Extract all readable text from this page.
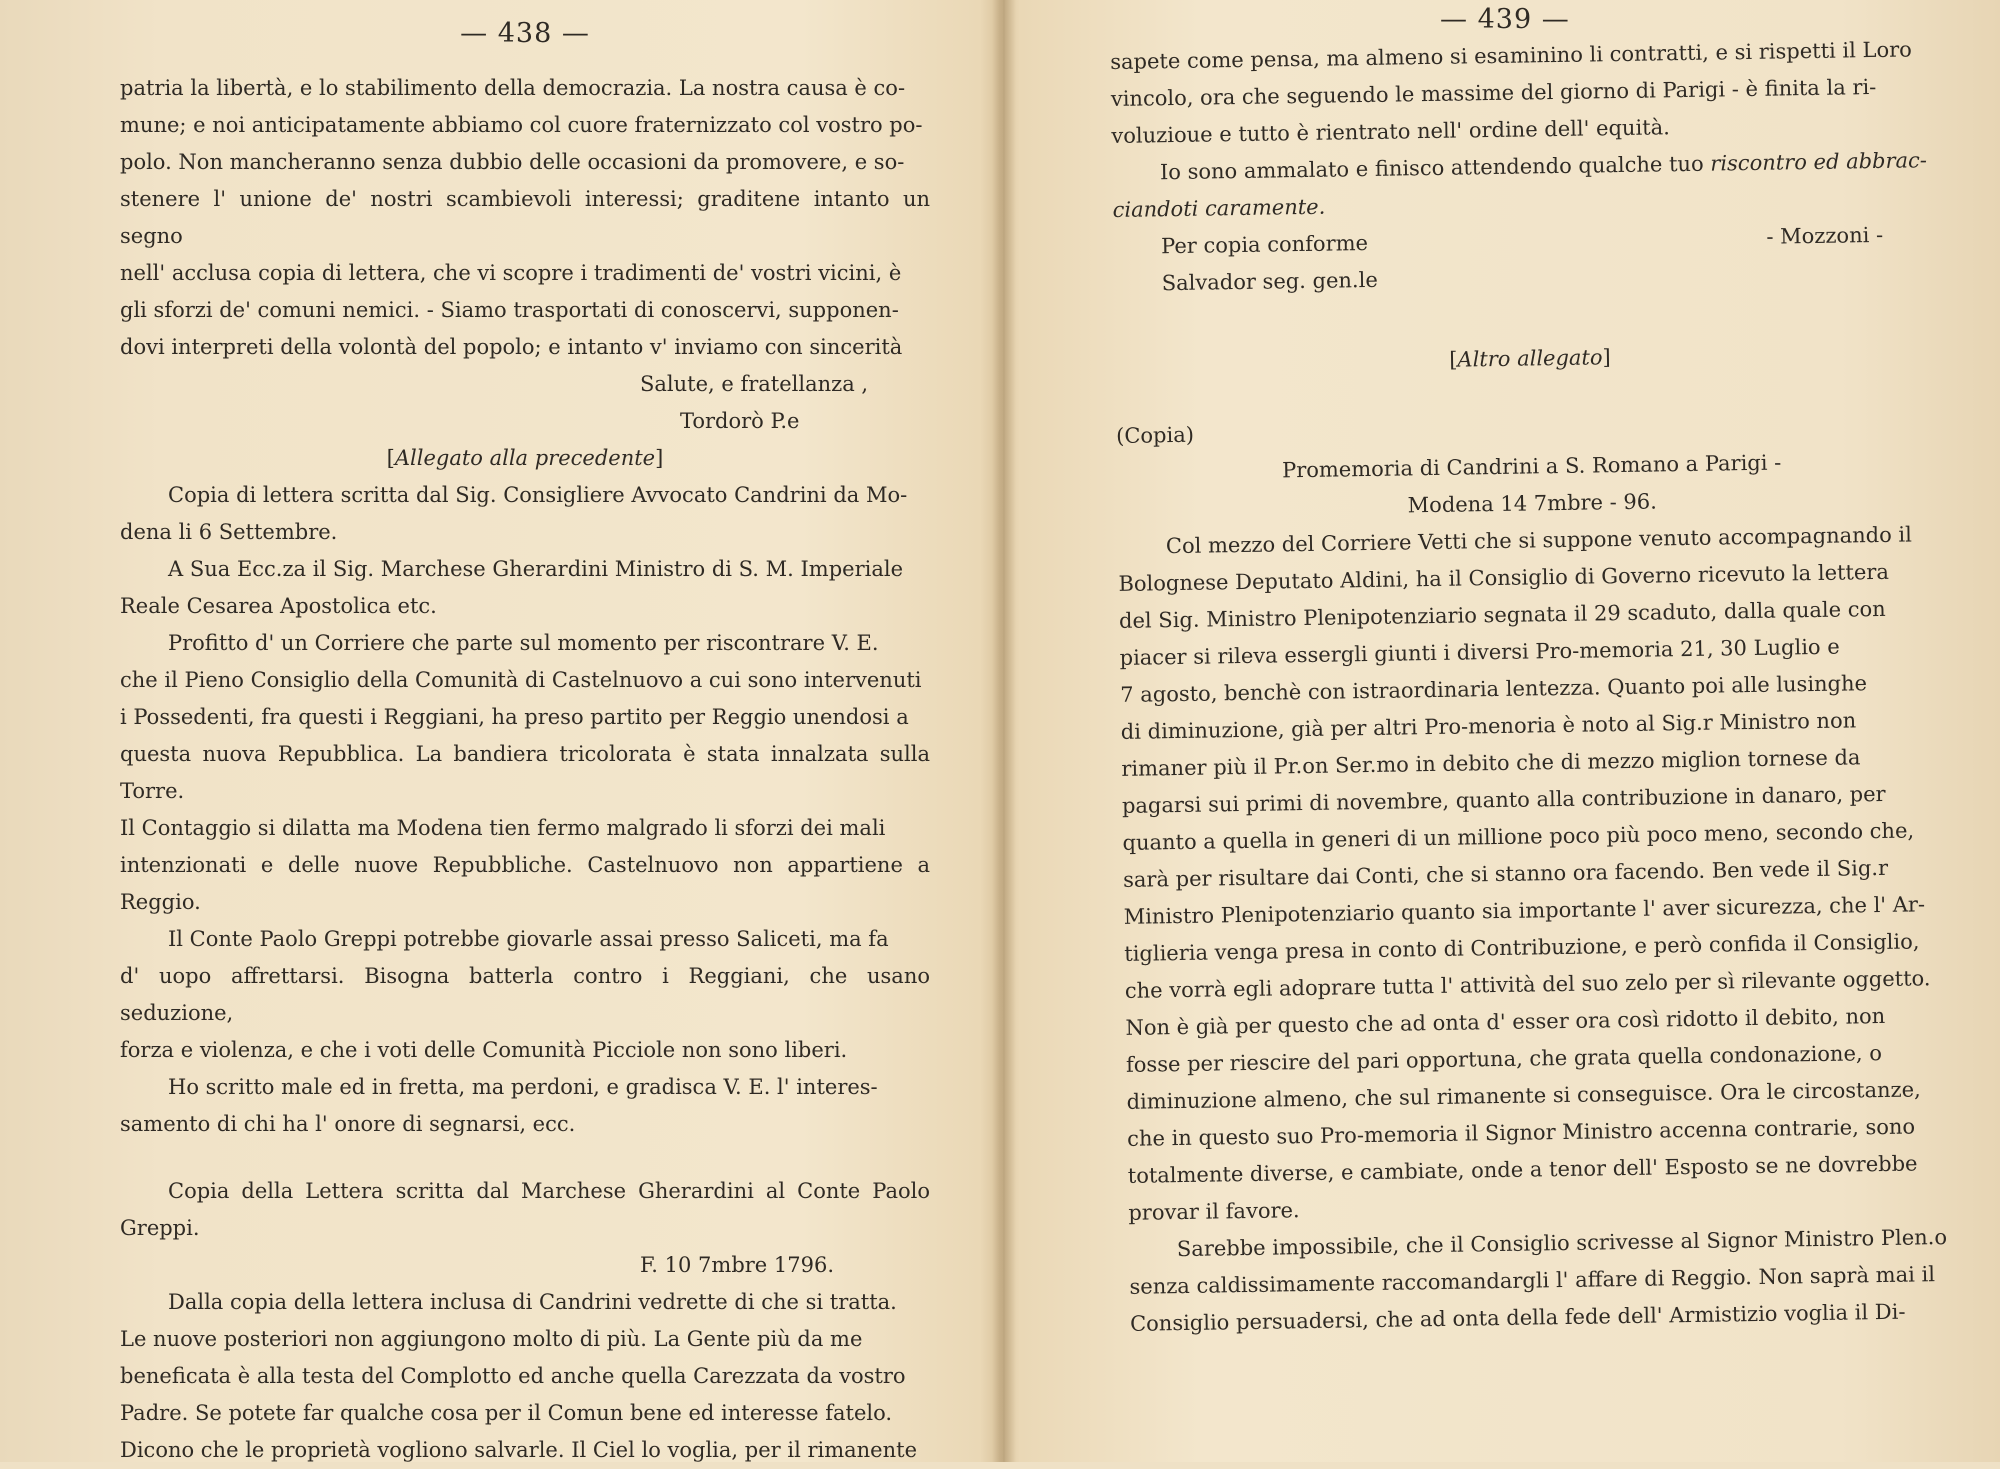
— 438 —

patria la libertà, e lo stabilimento della democrazia. La nostra causa è co-

mune; e noi anticipatamente abbiamo col cuore fraternizzato col vostro po-

polo. Non mancheranno senza dubbio delle occasioni da promovere, e so-

stenere l' unione de' nostri scambievoli interessi; graditene intanto un segno

nell' acclusa copia di lettera, che vi scopre i tradimenti de' vostri vicini, è

gli sforzi de' comuni nemici. - Siamo trasportati di conoscervi, supponen-

dovi interpreti della volontà del popolo; e intanto v' inviamo con sincerità

Salute, e fratellanza ,

Tordorò P.e

[Allegato alla precedente]

Copia di lettera scritta dal Sig. Consigliere Avvocato Candrini da Mo-

dena li 6 Settembre.

A Sua Ecc.za il Sig. Marchese Gherardini Ministro di S. M. Imperiale

Reale Cesarea Apostolica etc.

Profitto d' un Corriere che parte sul momento per riscontrare V. E.

che il Pieno Consiglio della Comunità di Castelnuovo a cui sono intervenuti

i Possedenti, fra questi i Reggiani, ha preso partito per Reggio unendosi a

questa nuova Repubblica. La bandiera tricolorata è stata innalzata sulla Torre.

Il Contaggio si dilatta ma Modena tien fermo malgrado li sforzi dei mali

intenzionati e delle nuove Repubbliche. Castelnuovo non appartiene a Reggio.

Il Conte Paolo Greppi potrebbe giovarle assai presso Saliceti, ma fa

d' uopo affrettarsi. Bisogna batterla contro i Reggiani, che usano seduzione,

forza e violenza, e che i voti delle Comunità Picciole non sono liberi.

Ho scritto male ed in fretta, ma perdoni, e gradisca V. E. l' interes-

samento di chi ha l' onore di segnarsi, ecc.

Copia della Lettera scritta dal Marchese Gherardini al Conte Paolo Greppi.

F. 10 7mbre 1796.

Dalla copia della lettera inclusa di Candrini vedrette di che si tratta.

Le nuove posteriori non aggiungono molto di più. La Gente più da me

beneficata è alla testa del Complotto ed anche quella Carezzata da vostro

Padre. Se potete far qualche cosa per il Comun bene ed interesse fatelo.

Dicono che le proprietà vogliono salvarle. Il Ciel lo voglia, per il rimanente

— 439 —

sapete come pensa, ma almeno si esaminino li contratti, e si rispetti il Loro

vincolo, ora che seguendo le massime del giorno di Parigi - è finita la ri-

voluzioue e tutto è rientrato nell' ordine dell' equità.

Io sono ammalato e finisco attendendo qualche tuo riscontro ed abbrac-

ciandoti caramente.

Per copia conforme	- Mozzoni -

Salvador seg. gen.le

[Altro allegato]

(Copia)

Promemoria di Candrini a S. Romano a Parigi -

Modena 14 7mbre - 96.

Col mezzo del Corriere Vetti che si suppone venuto accompagnando il

Bolognese Deputato Aldini, ha il Consiglio di Governo ricevuto la lettera

del Sig. Ministro Plenipotenziario segnata il 29 scaduto, dalla quale con

piacer si rileva essergli giunti i diversi Pro-memoria 21, 30 Luglio e

7 agosto, benchè con istraordinaria lentezza. Quanto poi alle lusinghe

di diminuzione, già per altri Pro-menoria è noto al Sig.r Ministro non

rimaner più il Pr.on Ser.mo in debito che di mezzo miglion tornese da

pagarsi sui primi di novembre, quanto alla contribuzione in danaro, per

quanto a quella in generi di un millione poco più poco meno, secondo che,

sarà per risultare dai Conti, che si stanno ora facendo. Ben vede il Sig.r

Ministro Plenipotenziario quanto sia importante l' aver sicurezza, che l' Ar-

tiglieria venga presa in conto di Contribuzione, e però confida il Consiglio,

che vorrà egli adoprare tutta l' attività del suo zelo per sì rilevante oggetto.

Non è già per questo che ad onta d' esser ora così ridotto il debito, non

fosse per riescire del pari opportuna, che grata quella condonazione, o

diminuzione almeno, che sul rimanente si conseguisce. Ora le circostanze,

che in questo suo Pro-memoria il Signor Ministro accenna contrarie, sono

totalmente diverse, e cambiate, onde a tenor dell' Esposto se ne dovrebbe

provar il favore.

Sarebbe impossibile, che il Consiglio scrivesse al Signor Ministro Plen.o

senza caldissimamente raccomandargli l' affare di Reggio. Non saprà mai il

Consiglio persuadersi, che ad onta della fede dell' Armistizio voglia il Di-
